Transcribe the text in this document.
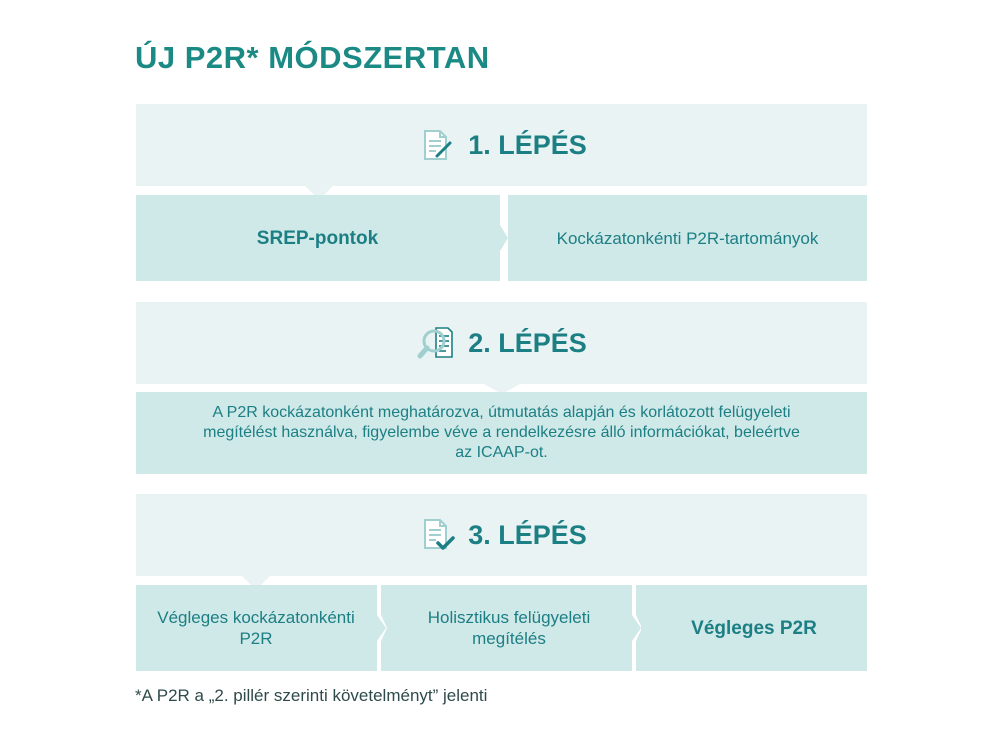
ÚJ P2R* MÓDSZERTAN
1. LÉPÉS
SREP-pontok	Kockázatonkénti P2R-tartományok
2. LÉPÉS
A P2R kockázatonként meghatározva, útmutatás alapján és korlátozott felügyeleti megítélést használva, figyelembe véve a rendelkezésre álló információkat, beleértve az ICAAP-ot.
3. LÉPÉS
Végleges kockázatonkénti P2R
Holisztikus felügyeleti megítélés	Végleges P2R

*A P2R a „2. pillér szerinti követelményt” jelenti
